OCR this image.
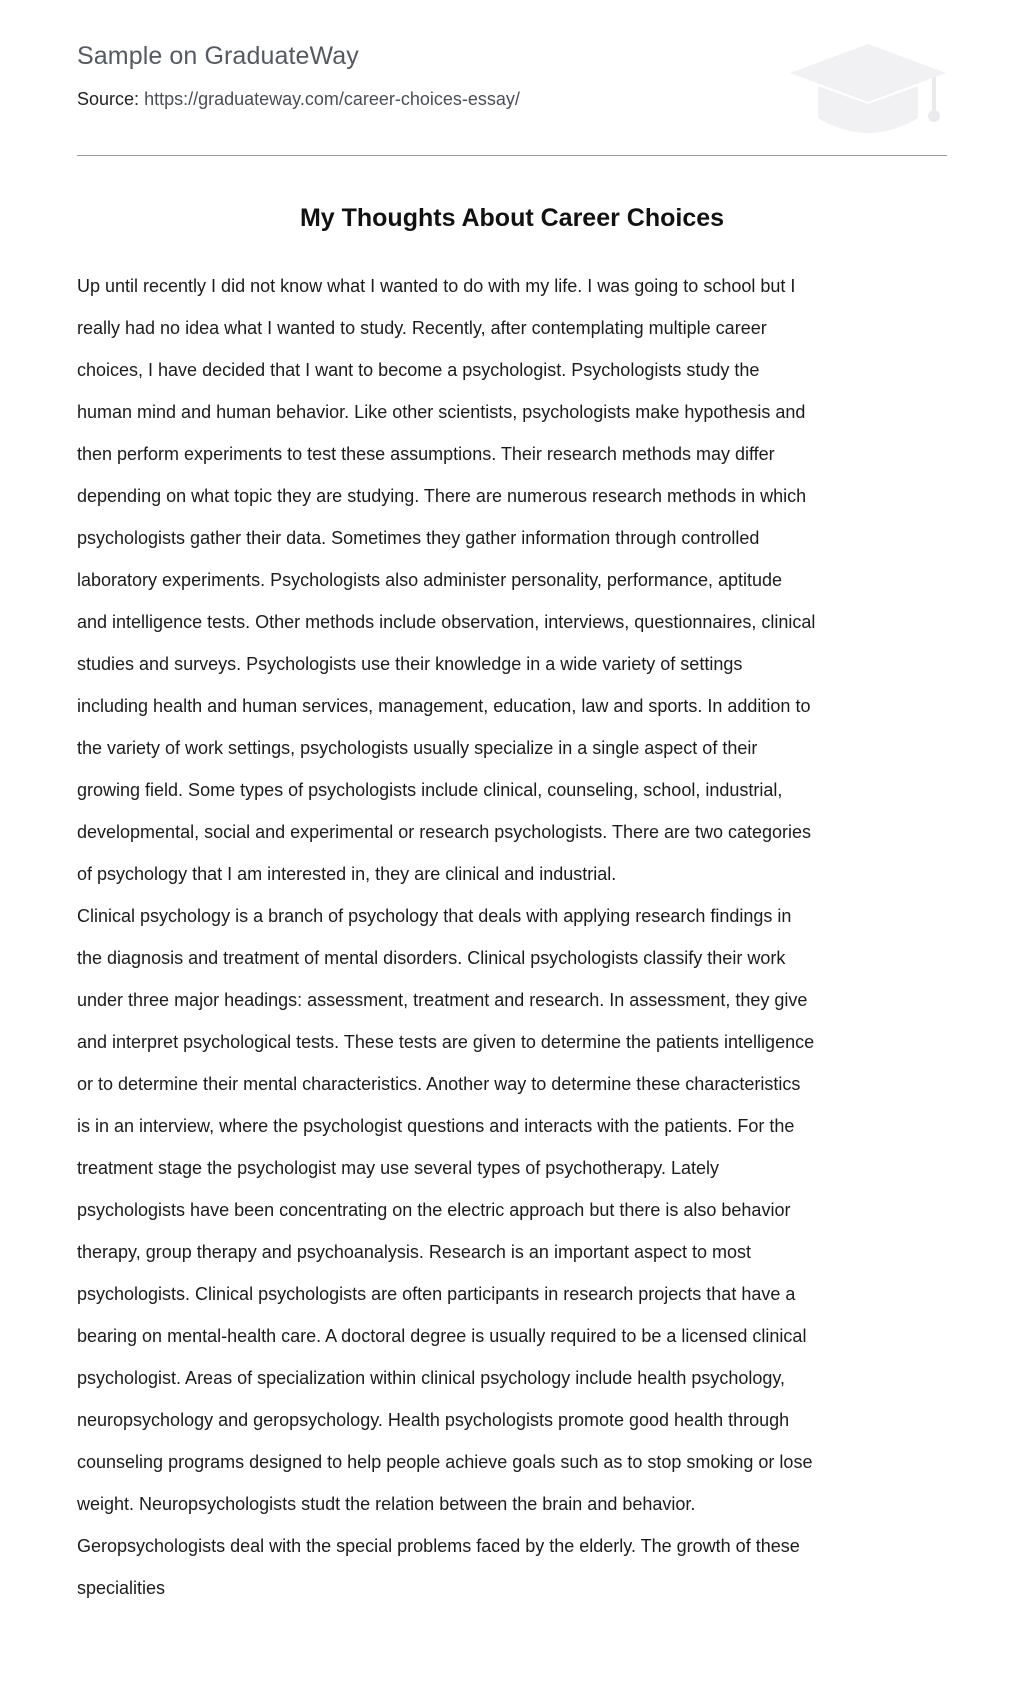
Sample on GraduateWay
Source: https://graduateway.com/career-choices-essay/
My Thoughts About Career Choices

Up until recently I did not know what I wanted to do with my life. I was going to school but I really had no idea what I wanted to study. Recently, after contemplating multiple career choices, I have decided that I want to become a psychologist. Psychologists study the human mind and human behavior. Like other scientists, psychologists make hypothesis and then perform experiments to test these assumptions. Their research methods may differ depending on what topic they are studying. There are numerous research methods in which psychologists gather their data. Sometimes they gather information through controlled laboratory experiments. Psychologists also administer personality, performance, aptitude and intelligence tests. Other methods include observation, interviews, questionnaires, clinical studies and surveys. Psychologists use their knowledge in a wide variety of settings including health and human services, management, education, law and sports. In addition to the variety of work settings, psychologists usually specialize in a single aspect of their growing field. Some types of psychologists include clinical, counseling, school, industrial, developmental, social and experimental or research psychologists. There are two categories of psychology that I am interested in, they are clinical and industrial.

Clinical psychology is a branch of psychology that deals with applying research findings in the diagnosis and treatment of mental disorders. Clinical psychologists classify their work under three major headings: assessment, treatment and research. In assessment, they give and interpret psychological tests. These tests are given to determine the patients intelligence or to determine their mental characteristics. Another way to determine these characteristics is in an interview, where the psychologist questions and interacts with the patients. For the treatment stage the psychologist may use several types of psychotherapy. Lately psychologists have been concentrating on the electric approach but there is also behavior therapy, group therapy and psychoanalysis. Research is an important aspect to most psychologists. Clinical psychologists are often participants in research projects that have a bearing on mental-health care. A doctoral degree is usually required to be a licensed clinical psychologist. Areas of specialization within clinical psychology include health psychology, neuropsychology and geropsychology. Health psychologists promote good health through counseling programs designed to help people achieve goals such as to stop smoking or lose weight. Neuropsychologists studt the relation between the brain and behavior. Geropsychologists deal with the special problems faced by the elderly. The growth of these specialities
